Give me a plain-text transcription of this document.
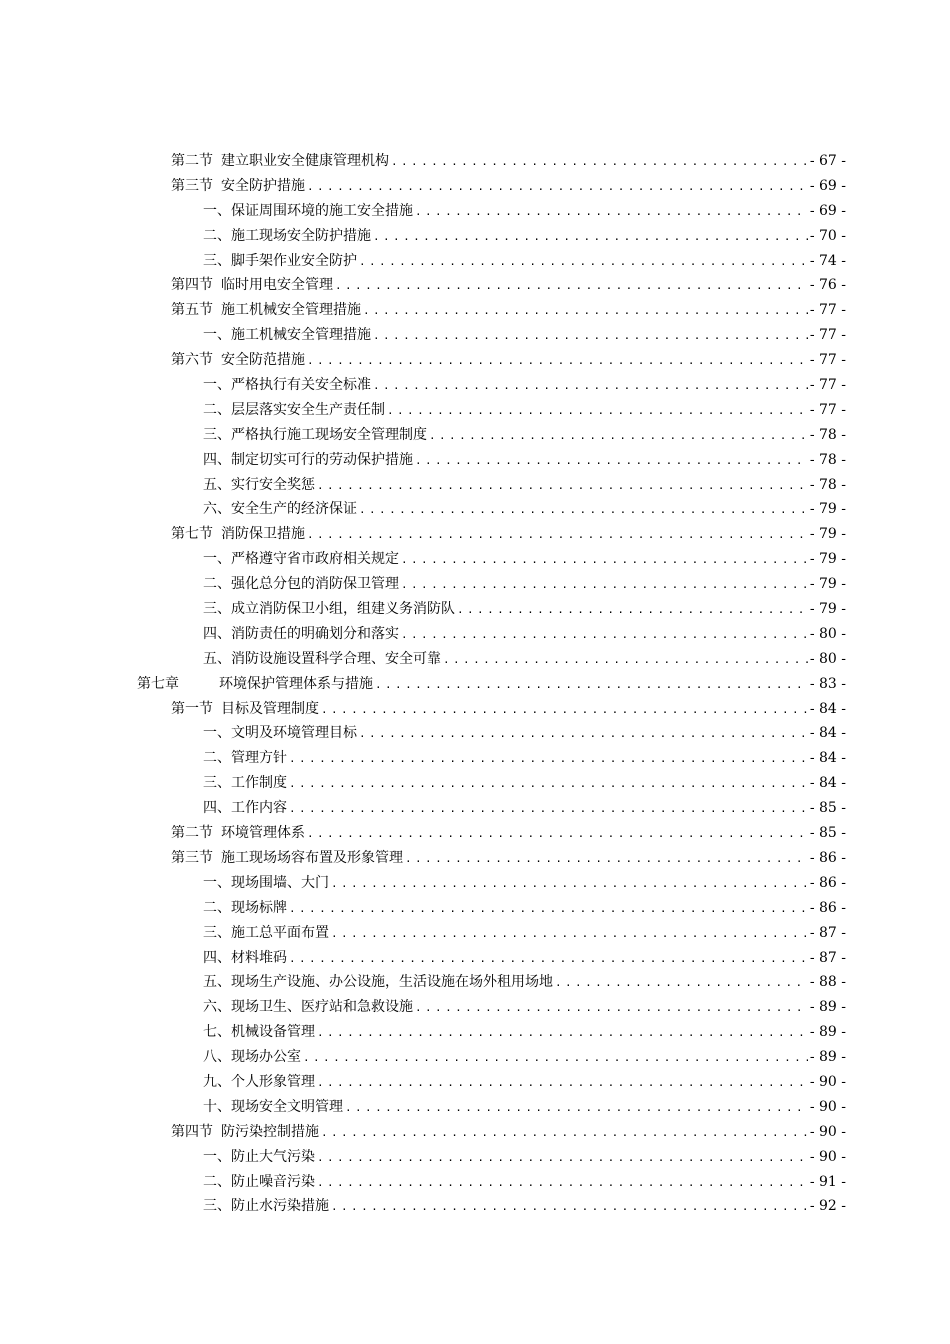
第二节 建立职业安全健康管理机构 .....	- 67 -
第三节 安全防护措施 .....	- 69 -
一、 保证周围环境的施工安全措施 .....	- 69 -
二、 施工现场安全防护措施 .....	- 70 -
三、 脚手架作业安全防护 .....	- 74 -
第四节 临时用电安全管理 .....	- 76 -
第五节 施工机械安全管理措施 .....	- 77 -
一、 施工机械安全管理措施 .....	- 77 -
第六节 安全防范措施 .....	- 77 -
一、 严格执行有关安全标准 .....	- 77 -
二、 层层落实安全生产责任制 .....	- 77 -
三、 严格执行施工现场安全管理制度 .....	- 78 -
四、 制定切实可行的劳动保护措施 .....	- 78 -
五、 实行安全奖惩 .....	- 78 -
六、 安全生产的经济保证 .....	- 79 -
第七节 消防保卫措施 .....	- 79 -
一、 严格遵守省市政府相关规定 .....	- 79 -
二、 强化总分包的消防保卫管理 .....	- 79 -
三、 成立消防保卫小组，组建义务消防队 .....	- 79 -
四、 消防责任的明确划分和落实 .....	- 80 -
五、 消防设施设置科学合理、安全可靠 .....	- 80 -
第七章	环境保护管理体系与措施 .....	- 83 -
第一节 目标及管理制度 .....	- 84 -
一、 文明及环境管理目标 .....	- 84 -
二、 管理方针 .....	- 84 -
三、 工作制度 .....	- 84 -
四、 工作内容 .....	- 85 -
第二节 环境管理体系 .....	- 85 -
第三节 施工现场场容布置及形象管理 .....	- 86 -
一、 现场围墙、大门 .....	- 86 -
二、 现场标牌 .....	- 86 -
三、 施工总平面布置 .....	- 87 -
四、 材料堆码 .....	- 87 -
五、 现场生产设施、办公设施，生活设施在场外租用场地 .....	- 88 -
六、 现场卫生、医疗站和急救设施 .....	- 89 -
七、 机械设备管理 .....	- 89 -
八、 现场办公室 .....	- 89 -
九、 个人形象管理 .....	- 90 -
十、 现场安全文明管理 .....	- 90 -
第四节 防污染控制措施 .....	- 90 -
一、 防止大气污染 .....	- 90 -
二、 防止噪音污染 .....	- 91 -
三、 防止水污染措施 .....	- 92 -
